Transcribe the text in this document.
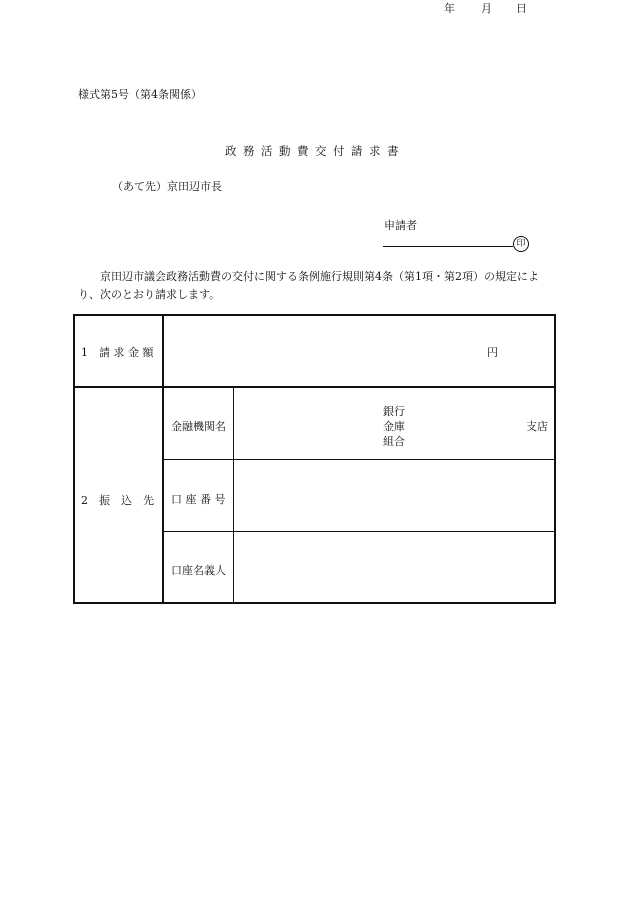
様式第5号（第4条関係）
年 月 日
政務活動費交付請求書
（あて先）京田辺市長
申請者
印
京田辺市議会政務活動費の交付に関する条例施行規則第4条（第1項・第2項）の規定により、次のとおり請求します。
1　請 求 金 額	円
2　振　込　先
金融機関名
銀行
金庫
組合
支店
口 座 番 号
口座名義人
